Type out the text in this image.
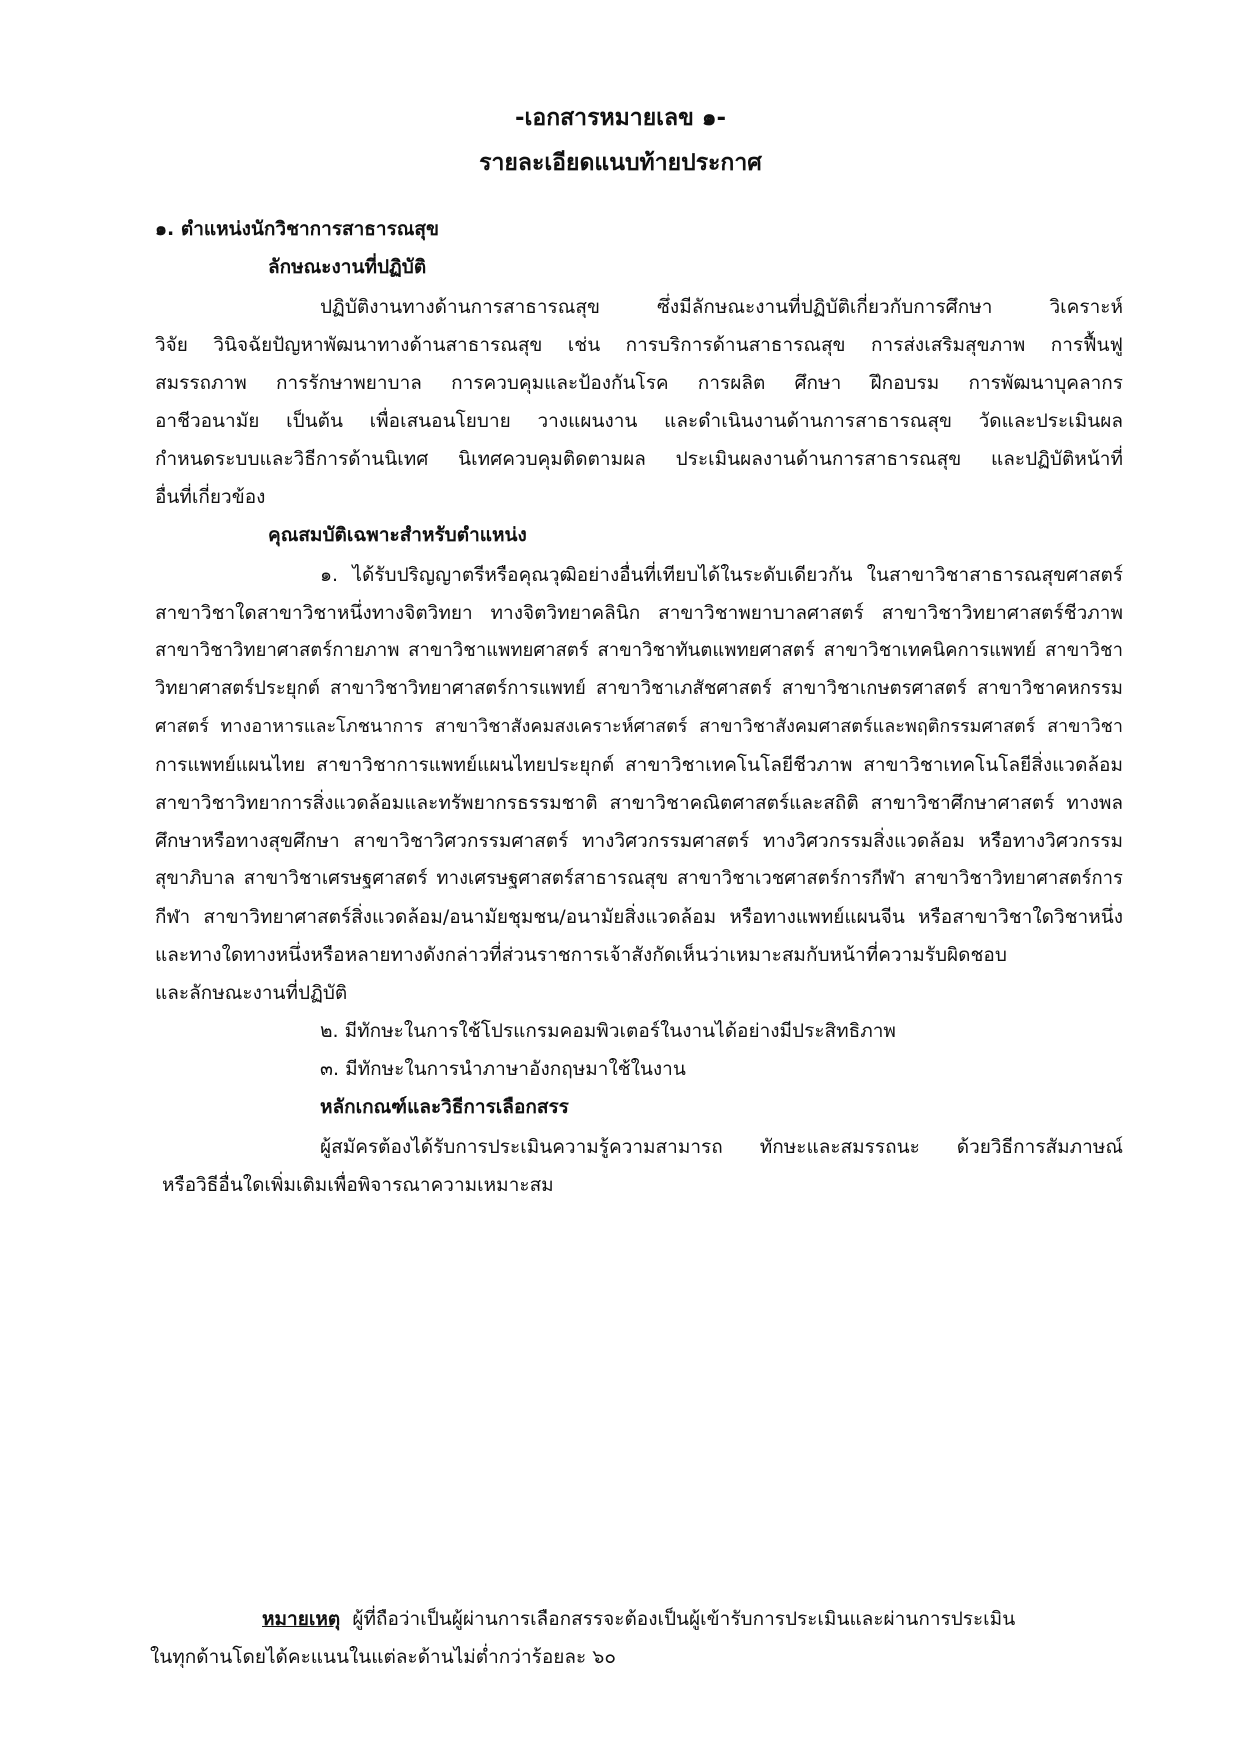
-เอกสารหมายเลข ๑-
รายละเอียดแนบท้ายประกาศ
๑. ตำแหน่งนักวิชาการสาธารณสุข
ลักษณะงานที่ปฏิบัติ
ปฏิบัติงานทางด้านการสาธารณสุข ซึ่งมีลักษณะงานที่ปฏิบัติเกี่ยวกับการศึกษา วิเคราะห์
วิจัย วินิจฉัยปัญหาพัฒนาทางด้านสาธารณสุข เช่น การบริการด้านสาธารณสุข การส่งเสริมสุขภาพ การฟื้นฟู
สมรรถภาพ การรักษาพยาบาล การควบคุมและป้องกันโรค การผลิต ศึกษา ฝึกอบรม การพัฒนาบุคลากร
อาชีวอนามัย เป็นต้น เพื่อเสนอนโยบาย วางแผนงาน และดำเนินงานด้านการสาธารณสุข วัดและประเมินผล
กำหนดระบบและวิธีการด้านนิเทศ นิเทศควบคุมติดตามผล ประเมินผลงานด้านการสาธารณสุข และปฏิบัติหน้าที่
อื่นที่เกี่ยวข้อง
คุณสมบัติเฉพาะสำหรับตำแหน่ง
๑. ได้รับปริญญาตรีหรือคุณวุฒิอย่างอื่นที่เทียบได้ในระดับเดียวกัน ในสาขาวิชาสาธารณสุขศาสตร์
สาขาวิชาใดสาขาวิชาหนึ่งทางจิตวิทยา ทางจิตวิทยาคลินิก สาขาวิชาพยาบาลศาสตร์ สาขาวิชาวิทยาศาสตร์ชีวภาพ
สาขาวิชาวิทยาศาสตร์กายภาพ สาขาวิชาแพทยศาสตร์ สาขาวิชาทันตแพทยศาสตร์ สาขาวิชาเทคนิคการแพทย์ สาขาวิชา
วิทยาศาสตร์ประยุกต์ สาขาวิชาวิทยาศาสตร์การแพทย์ สาขาวิชาเภสัชศาสตร์ สาขาวิชาเกษตรศาสตร์ สาขาวิชาคหกรรม
ศาสตร์ ทางอาหารและโภชนาการ สาขาวิชาสังคมสงเคราะห์ศาสตร์ สาขาวิชาสังคมศาสตร์และพฤติกรรมศาสตร์ สาขาวิชา
การแพทย์แผนไทย สาขาวิชาการแพทย์แผนไทยประยุกต์ สาขาวิชาเทคโนโลยีชีวภาพ สาขาวิชาเทคโนโลยีสิ่งแวดล้อม
สาขาวิชาวิทยาการสิ่งแวดล้อมและทรัพยากรธรรมชาติ สาขาวิชาคณิตศาสตร์และสถิติ สาขาวิชาศึกษาศาสตร์ ทางพล
ศึกษาหรือทางสุขศึกษา สาขาวิชาวิศวกรรมศาสตร์ ทางวิศวกรรมศาสตร์ ทางวิศวกรรมสิ่งแวดล้อม หรือทางวิศวกรรม
สุขาภิบาล สาขาวิชาเศรษฐศาสตร์ ทางเศรษฐศาสตร์สาธารณสุข สาขาวิชาเวชศาสตร์การกีฬา สาขาวิชาวิทยาศาสตร์การ
กีฬา สาขาวิทยาศาสตร์สิ่งแวดล้อม/อนามัยชุมชน/อนามัยสิ่งแวดล้อม หรือทางแพทย์แผนจีน หรือสาขาวิชาใดวิชาหนึ่ง
และทางใดทางหนึ่งหรือหลายทางดังกล่าวที่ส่วนราชการเจ้าสังกัดเห็นว่าเหมาะสมกับหน้าที่ความรับผิดชอบ
และลักษณะงานที่ปฏิบัติ
๒. มีทักษะในการใช้โปรแกรมคอมพิวเตอร์ในงานได้อย่างมีประสิทธิภาพ
๓. มีทักษะในการนำภาษาอังกฤษมาใช้ในงาน
หลักเกณฑ์และวิธีการเลือกสรร
ผู้สมัครต้องได้รับการประเมินความรู้ความสามารถ ทักษะและสมรรถนะ ด้วยวิธีการสัมภาษณ์
หรือวิธีอื่นใดเพิ่มเติมเพื่อพิจารณาความเหมาะสม
หมายเหตุ ผู้ที่ถือว่าเป็นผู้ผ่านการเลือกสรรจะต้องเป็นผู้เข้ารับการประเมินและผ่านการประเมิน
ในทุกด้านโดยได้คะแนนในแต่ละด้านไม่ต่ำกว่าร้อยละ ๖๐
